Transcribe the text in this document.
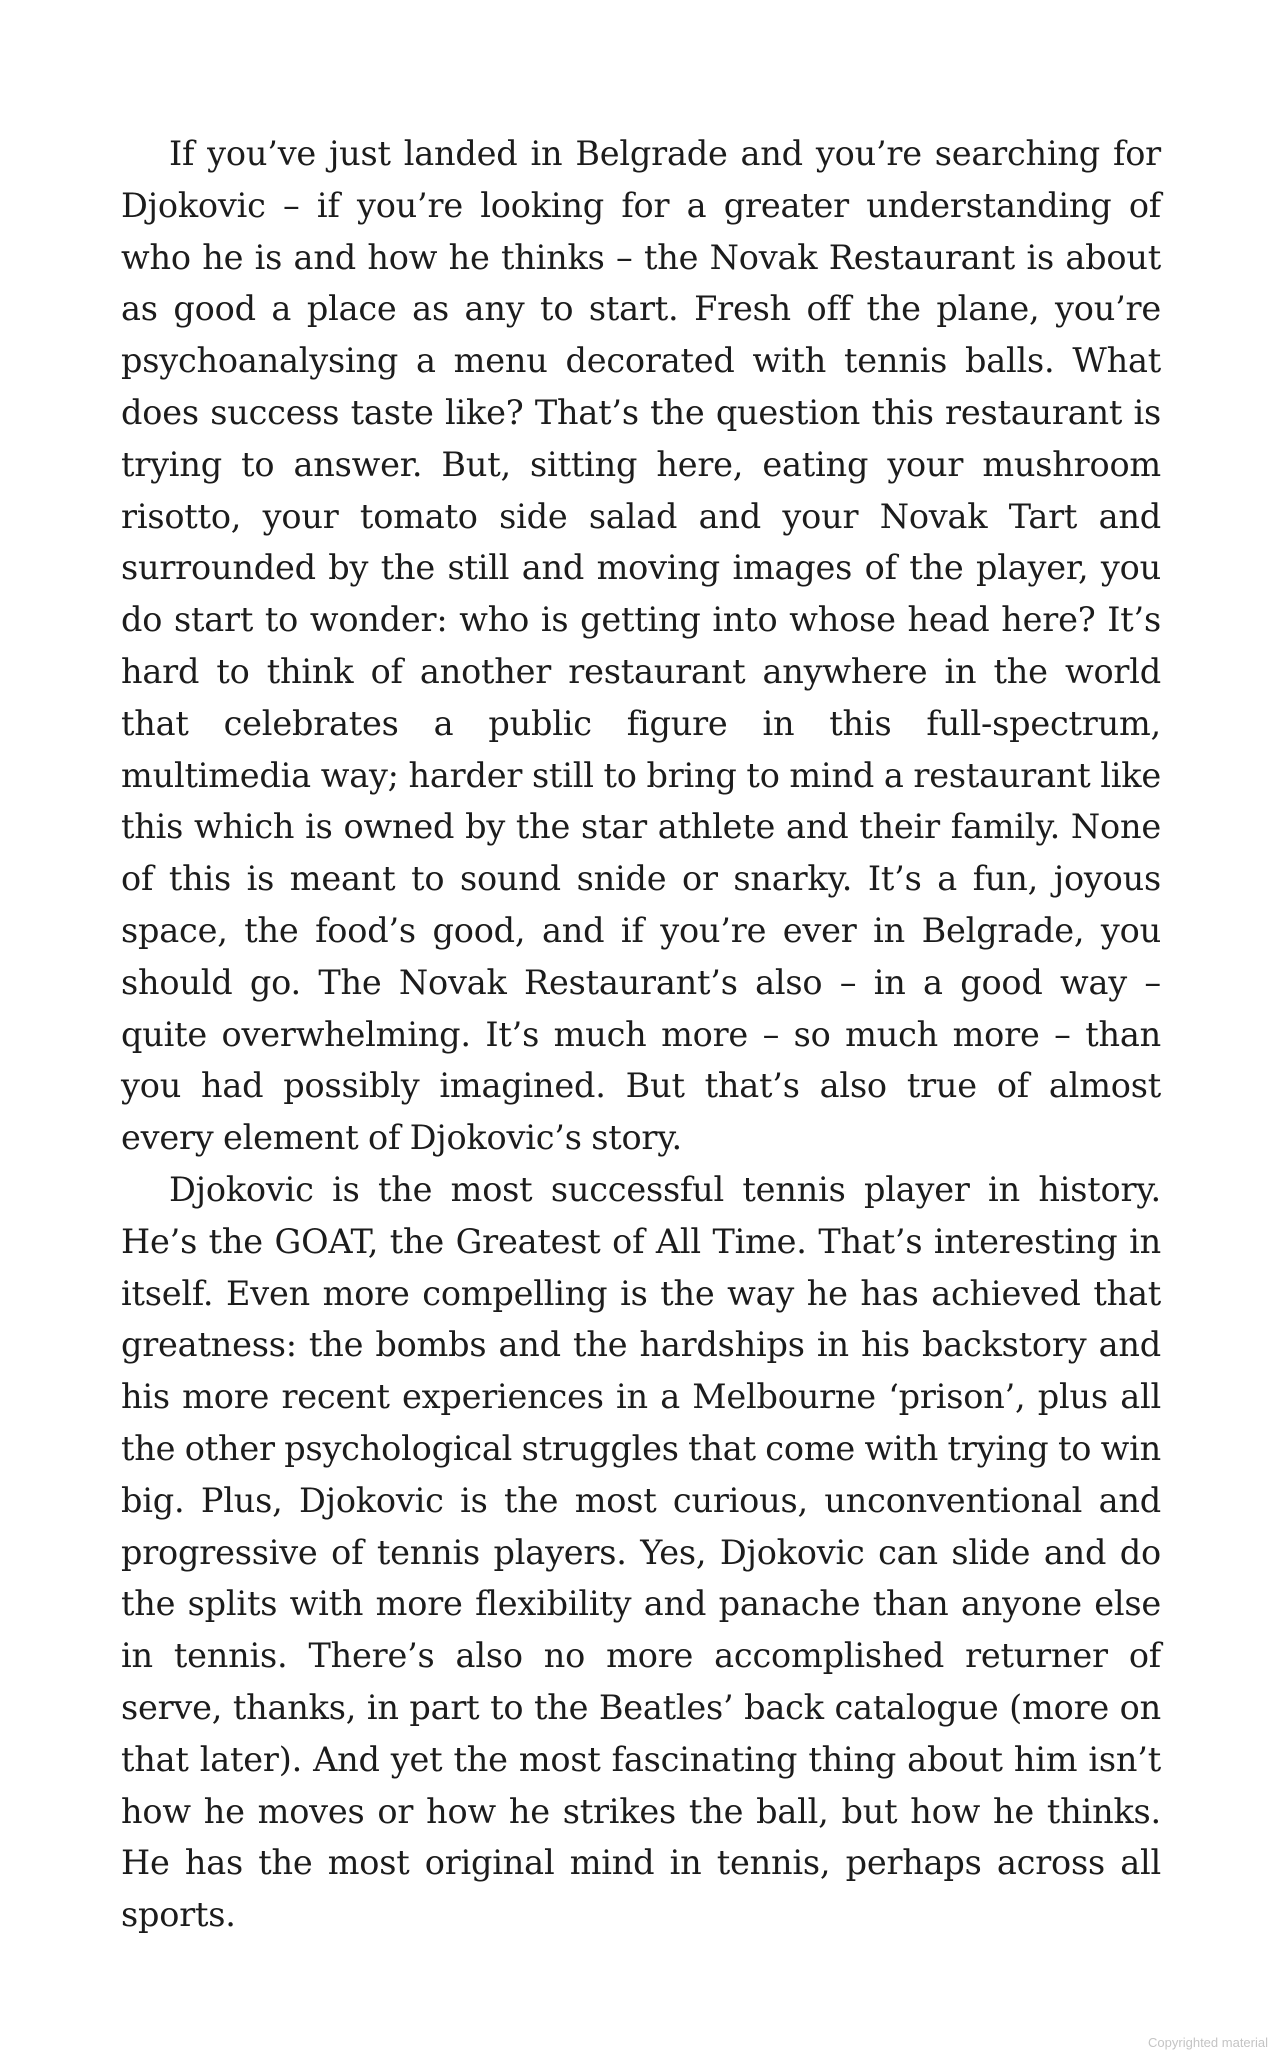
If you’ve just landed in Belgrade and you’re searching for Djokovic – if you’re looking for a greater understanding of who he is and how he thinks – the Novak Restaurant is about as good a place as any to start. Fresh off the plane, you’re psychoanalysing a menu decorated with tennis balls. What does success taste like? That’s the question this restaurant is trying to answer. But, sitting here, eating your mushroom risotto, your tomato side salad and your Novak Tart and surrounded by the still and moving images of the player, you do start to wonder: who is getting into whose head here? It’s hard to think of another restaurant anywhere in the world that celebrates a public figure in this full-spectrum, multimedia way; harder still to bring to mind a restaurant like this which is owned by the star athlete and their family. None of this is meant to sound snide or snarky. It’s a fun, joyous space, the food’s good, and if you’re ever in Belgrade, you should go. The Novak Restaurant’s also – in a good way – quite overwhelming. It’s much more – so much more – than you had possibly imagined. But that’s also true of almost every element of Djokovic’s story.

Djokovic is the most successful tennis player in history. He’s the GOAT, the Greatest of All Time. That’s interesting in itself. Even more compelling is the way he has achieved that greatness: the bombs and the hardships in his backstory and his more recent experiences in a Melbourne ‘prison’, plus all the other psychological struggles that come with trying to win big. Plus, Djokovic is the most curious, unconventional and progressive of tennis players. Yes, Djokovic can slide and do the splits with more flexibility and panache than anyone else in tennis. There’s also no more accomplished returner of serve, thanks, in part to the Beatles’ back catalogue (more on that later). And yet the most fascinating thing about him isn’t how he moves or how he strikes the ball, but how he thinks. He has the most original mind in tennis, perhaps across all sports.

Copyrighted material
